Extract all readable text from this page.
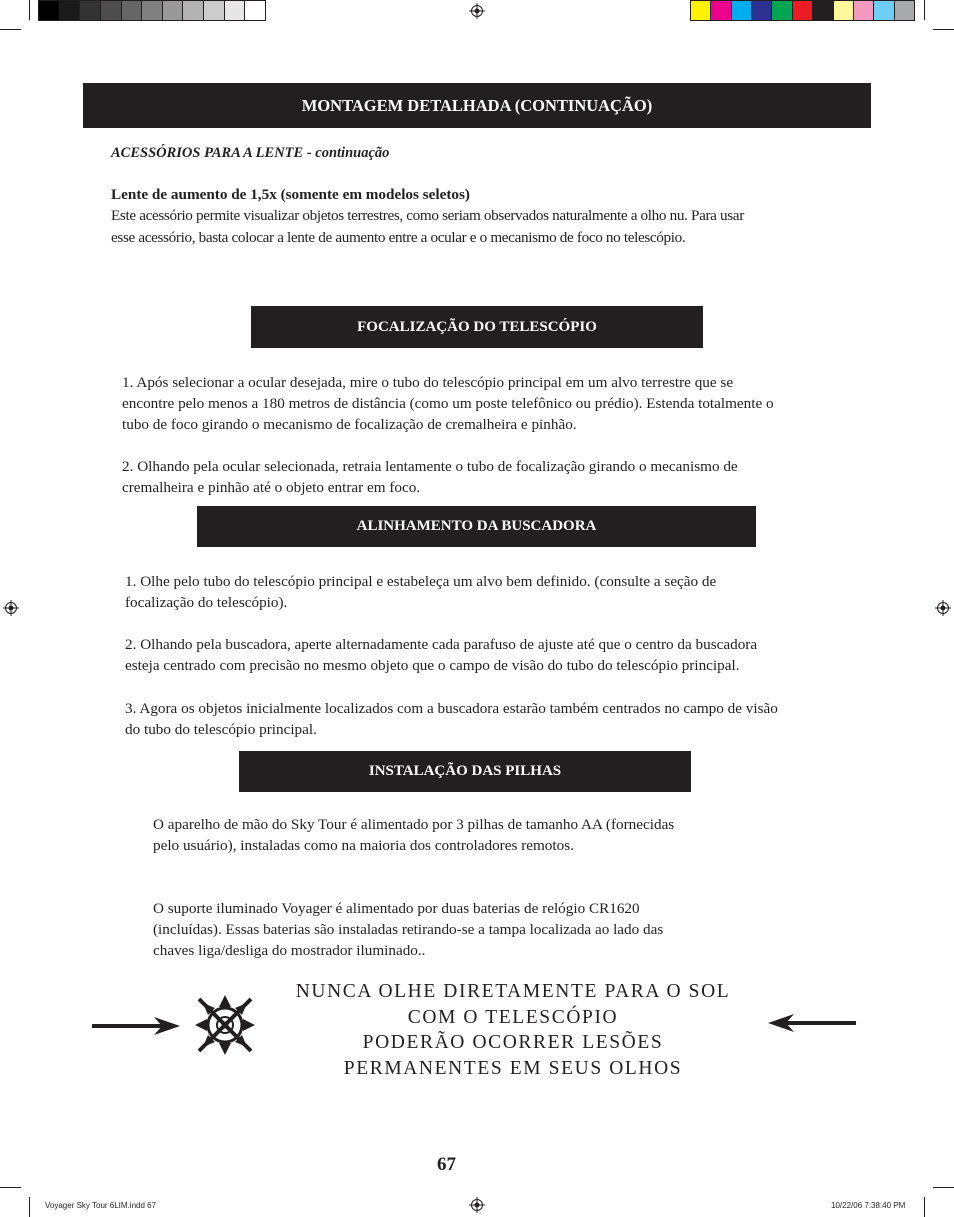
MONTAGEM DETALHADA (CONTINUAÇÃO)
ACESSÓRIOS PARA A LENTE - continuação
Lente de aumento de 1,5x (somente em modelos seletos)
Este acessório permite visualizar objetos terrestres, como seriam observados naturalmente a olho nu. Para usar
esse acessório, basta colocar a lente de aumento entre a ocular e o mecanismo de foco no telescópio.
FOCALIZAÇÃO DO TELESCÓPIO
1. Após selecionar a ocular desejada, mire o tubo do telescópio principal em um alvo terrestre que se
encontre pelo menos a 180 metros de distância (como um poste telefônico ou prédio). Estenda totalmente o
tubo de foco girando o mecanismo de focalização de cremalheira e pinhão.
2. Olhando pela ocular selecionada, retraia lentamente o tubo de focalização girando o mecanismo de
cremalheira e pinhão até o objeto entrar em foco.
ALINHAMENTO DA BUSCADORA
1. Olhe pelo tubo do telescópio principal e estabeleça um alvo bem definido. (consulte a seção de
focalização do telescópio).
2. Olhando pela buscadora, aperte alternadamente cada parafuso de ajuste até que o centro da buscadora
esteja centrado com precisão no mesmo objeto que o campo de visão do tubo do telescópio principal.
3. Agora os objetos inicialmente localizados com a buscadora estarão também centrados no campo de visão
do tubo do telescópio principal.
INSTALAÇÃO DAS PILHAS
O aparelho de mão do Sky Tour é alimentado por 3 pilhas de tamanho AA (fornecidas
pelo usuário), instaladas como na maioria dos controladores remotos.
O suporte iluminado Voyager é alimentado por duas baterias de relógio CR1620
(incluídas). Essas baterias são instaladas retirando-se a tampa localizada ao lado das
chaves liga/desliga do mostrador iluminado..
NUNCA OLHE DIRETAMENTE PARA O SOL
COM O TELESCÓPIO
PODERÃO OCORRER LESÕES
PERMANENTES EM SEUS OLHOS
67
Voyager Sky Tour 6LIM.indd 67	10/22/06 7:38:40 PM
